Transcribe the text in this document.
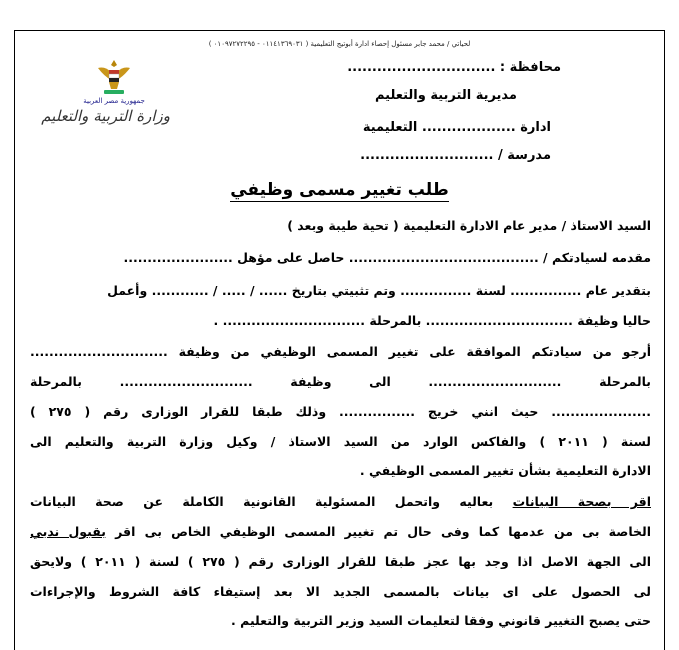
لحياتي / محمد جابر مسئول إحصاء ادارة أبوتيج التعليمية ( ٠١١٤١٣٦٩٠٣١ - ٠١٠٩٧٢٧٢٢٩٥ )
جمهورية مصر العربية
وزارة التربية والتعليم
محافظة : ..............................
مديرية التربية والتعليم
ادارة ................... التعليمية
مدرسة / ...........................
طلب تغيير مسمى وظيفي
السيد الاستاذ / مدير عام الادارة التعليمية ( تحية طيبة وبعد )
مقدمه لسيادتكم / ........................................ حاصل على مؤهل .......................
بتقدير عام ............... لسنة ............... وتم تثبيتي بتاريخ ...... / ..... / ............ وأعمل
حاليا وظيفة ............................... بالمرحلة .............................. .
أرجو من سيادتكم الموافقة على تغيير المسمى الوظيفي من وظيفة .............................
بالمرحلة ............................ الى وظيفة ............................ بالمرحلة
..................... حيث انني خريج ................ وذلك طبقا للقرار الوزارى رقم ( ٢٧٥ )
لسنة ( ٢٠١١ ) والفاكس الوارد من السيد الاستاذ / وكيل وزارة التربية والتعليم الى
الادارة التعليمية بشأن تغيير المسمى الوظيفي .
اقر بصحة البيانات بعاليه واتحمل المسئولية القانونية الكاملة عن صحة البيانات
الخاصة بى من عدمها كما وفى حال تم تغيير المسمى الوظيفي الخاص بى اقر بقبول ندبي
الى الجهة الاصل اذا وجد بها عجز طبقا للقرار الوزارى رقم ( ٢٧٥ ) لسنة ( ٢٠١١ ) ولايحق
لى الحصول على اى بيانات بالمسمى الجديد الا بعد إستيفاء كافة الشروط والإجراءات
حتى يصبح التغيير قانوني وفقا لتعليمات السيد وزير التربية والتعليم .
